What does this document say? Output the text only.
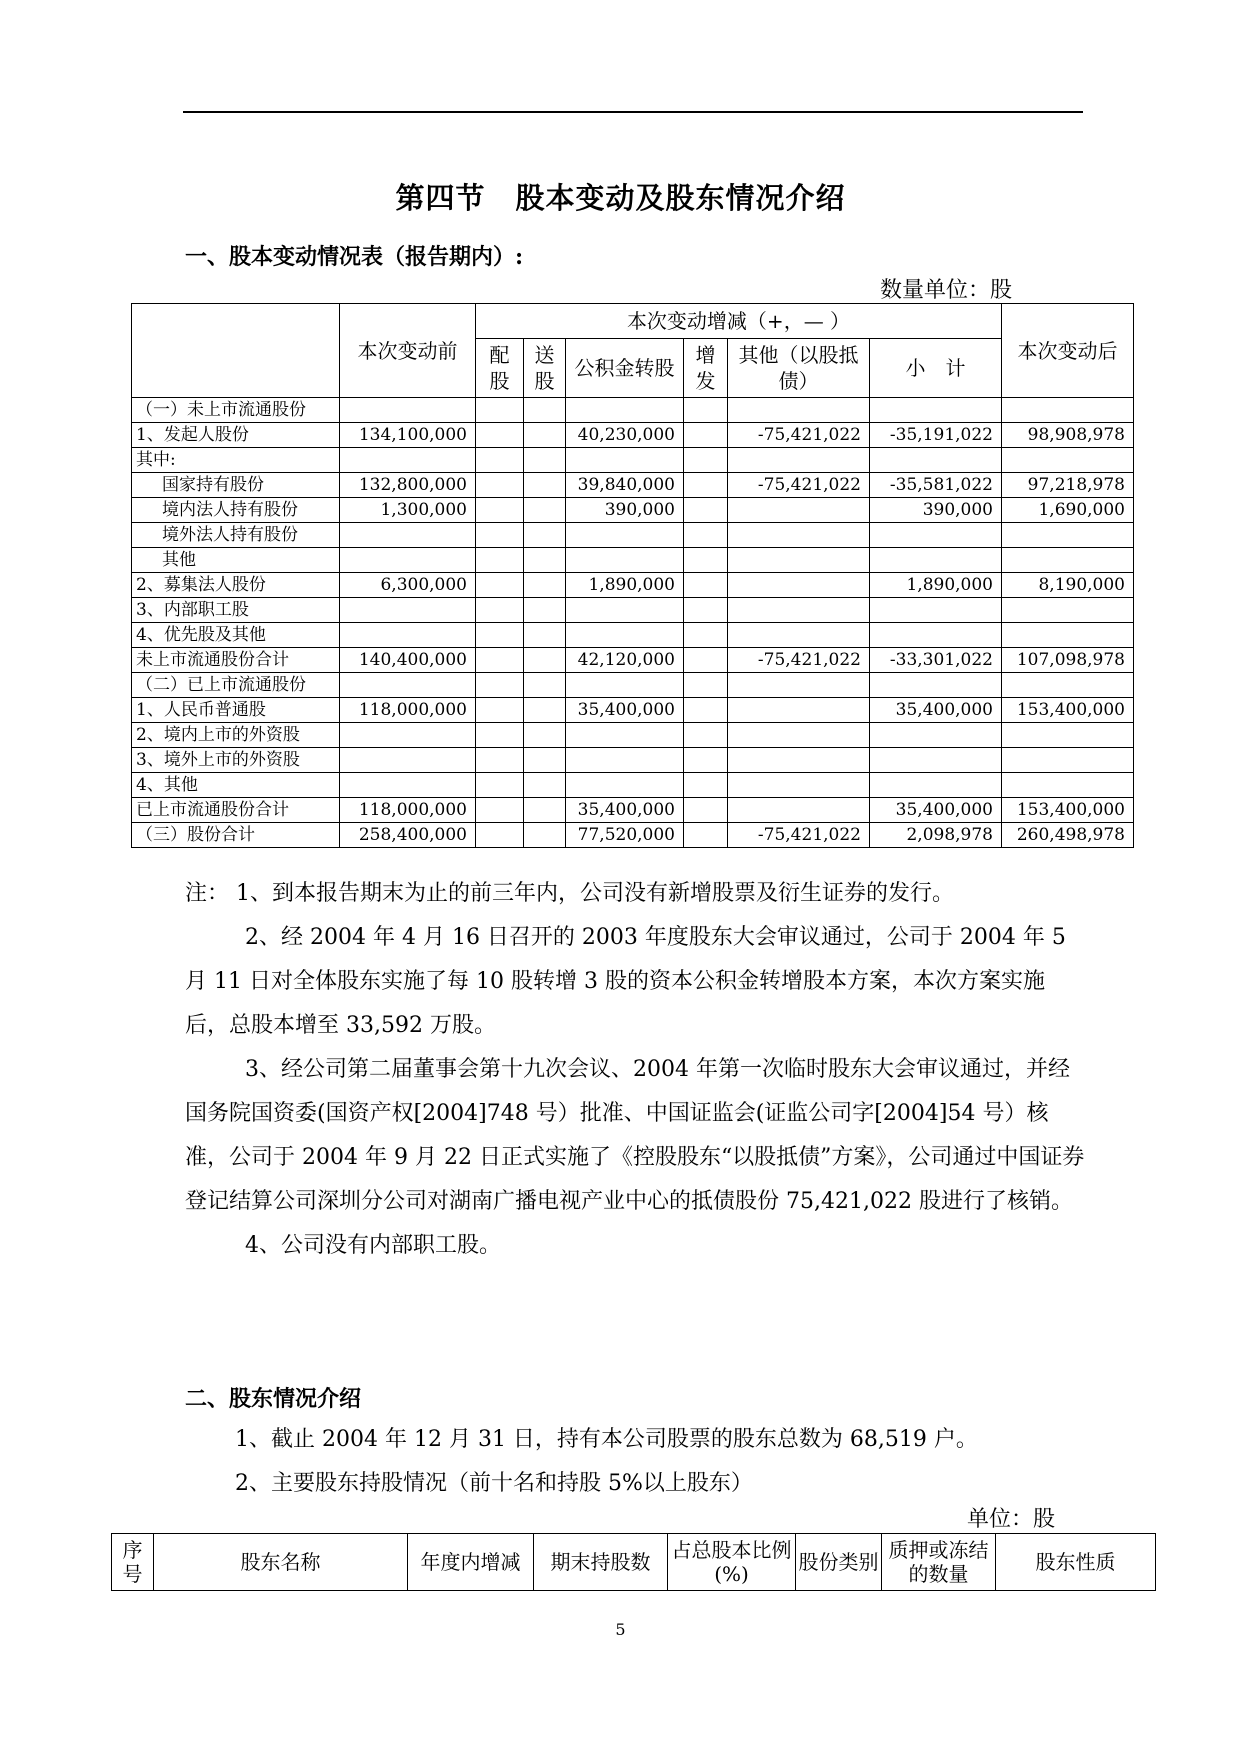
第四节　股本变动及股东情况介绍
一、股本变动情况表（报告期内）:
数量单位：股
	本次变动前	本次变动增减（+，— ）						本次变动后
		配股	送股	公积金转股	增发	其他（以股抵债）	小　计	
（一）未上市流通股份								
1、发起人股份	134,100,000			40,230,000		-75,421,022	-35,191,022	98,908,978
其中:								
国家持有股份	132,800,000			39,840,000		-75,421,022	-35,581,022	97,218,978
境内法人持有股份	1,300,000			390,000			390,000	1,690,000
境外法人持有股份								
其他								
2、募集法人股份	6,300,000			1,890,000			1,890,000	8,190,000
3、内部职工股								
4、优先股及其他								
未上市流通股份合计	140,400,000			42,120,000		-75,421,022	-33,301,022	107,098,978
（二）已上市流通股份								
1、人民币普通股	118,000,000			35,400,000			35,400,000	153,400,000
2、境内上市的外资股								
3、境外上市的外资股								
4、其他								
已上市流通股份合计	118,000,000			35,400,000			35,400,000	153,400,000
（三）股份合计	258,400,000			77,520,000		-75,421,022	2,098,978	260,498,978

注： 1、到本报告期末为止的前三年内，公司没有新增股票及衍生证券的发行。

2、经 2004 年 4 月 16 日召开的 2003 年度股东大会审议通过，公司于 2004 年 5 月 11 日对全体股东实施了每 10 股转增 3 股的资本公积金转增股本方案，本次方案实施后，总股本增至 33,592 万股。

3、经公司第二届董事会第十九次会议、2004 年第一次临时股东大会审议通过，并经国务院国资委(国资产权[2004]748 号）批准、中国证监会(证监公司字[2004]54 号）核准，公司于 2004 年 9 月 22 日正式实施了《控股股东“以股抵债”方案》，公司通过中国证券登记结算公司深圳分公司对湖南广播电视产业中心的抵债股份 75,421,022 股进行了核销。

4、公司没有内部职工股。

二、股东情况介绍

1、截止 2004 年 12 月 31 日，持有本公司股票的股东总数为 68,519 户。

2、主要股东持股情况（前十名和持股 5%以上股东）

单位：股
序号	股东名称	年度内增减	期末持股数	占总股本比例(%)	股份类别	质押或冻结的数量	股东性质
5
